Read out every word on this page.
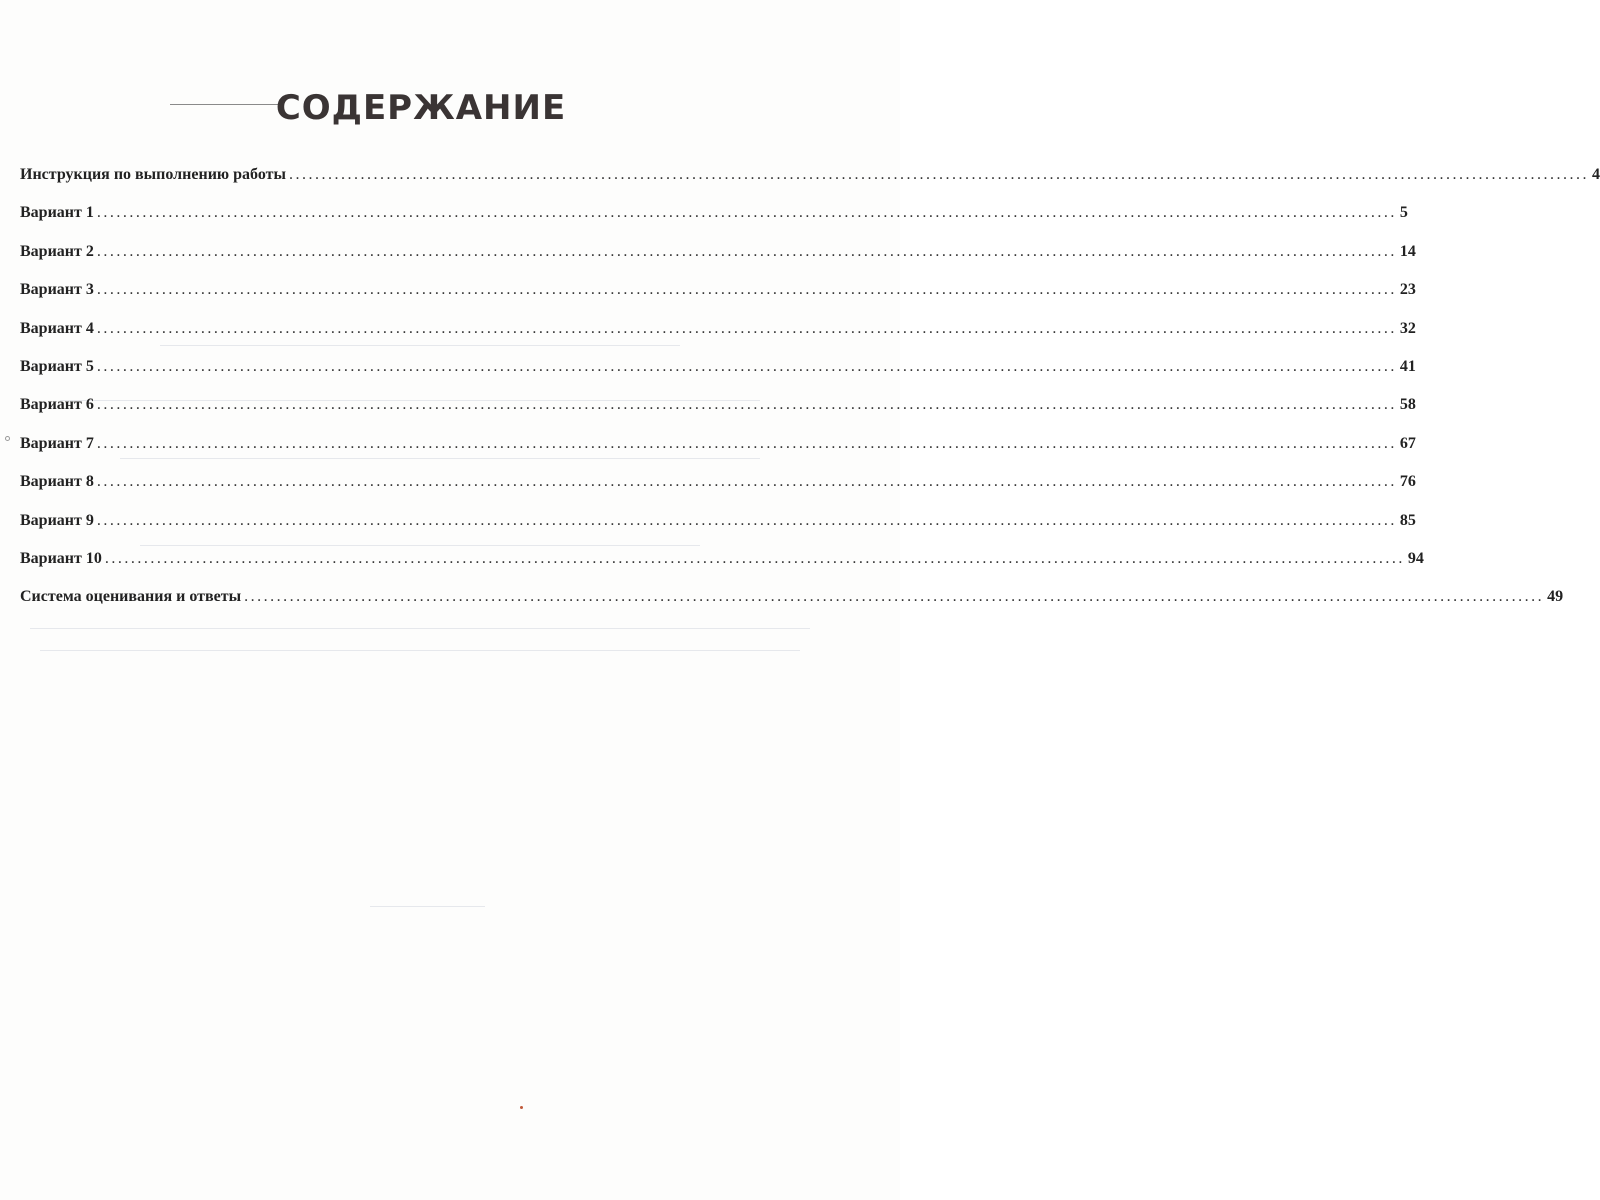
СОДЕРЖАНИЕ
Инструкция по выполнению работы ........................................................................................................................................................................................................ 4
Вариант 1 ........................................................................................................................................................................................................ 5
Вариант 2 ........................................................................................................................................................................................................ 14
Вариант 3 ........................................................................................................................................................................................................ 23
Вариант 4 ........................................................................................................................................................................................................ 32
Вариант 5 ........................................................................................................................................................................................................ 41
Вариант 6 ........................................................................................................................................................................................................ 58
Вариант 7 ........................................................................................................................................................................................................ 67
Вариант 8 ........................................................................................................................................................................................................ 76
Вариант 9 ........................................................................................................................................................................................................ 85
Вариант 10 ........................................................................................................................................................................................................ 94
Система оценивания и ответы ........................................................................................................................................................................................................ 49
